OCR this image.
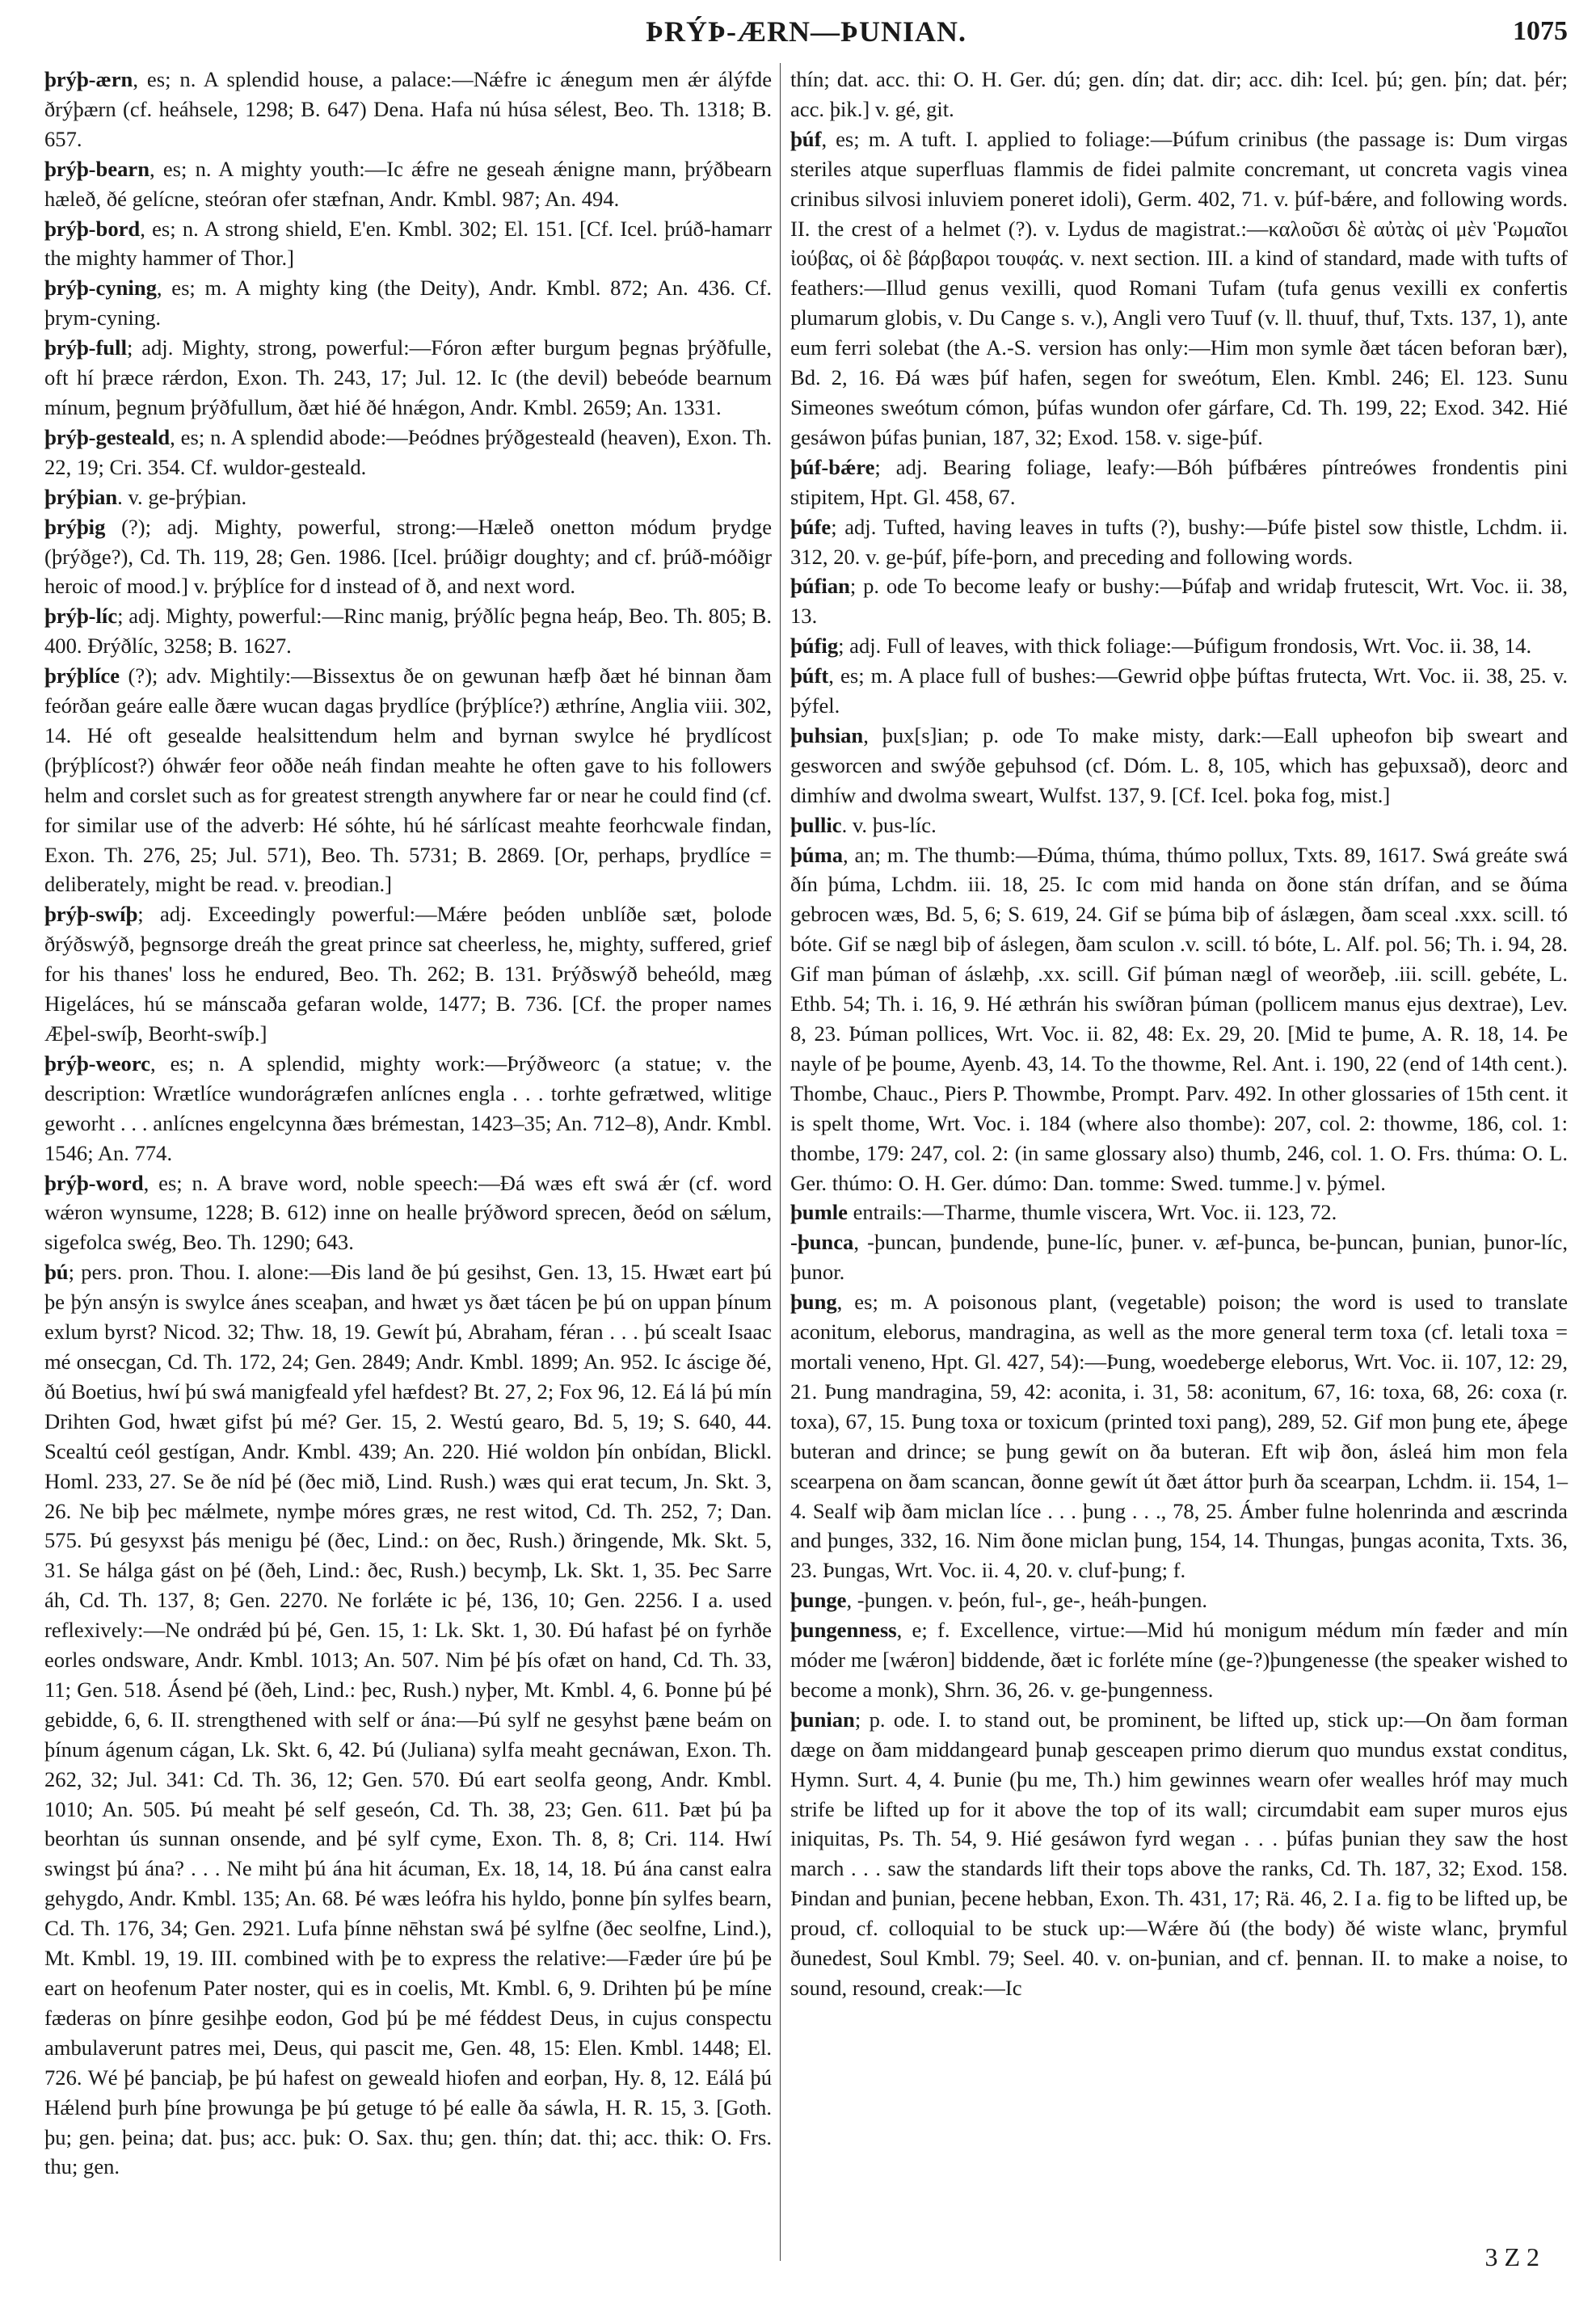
ÞRÝÞ-ÆRN—ÞUNIAN.	1075

þrýþ-ærn, es; n. A splendid house, a palace:—Nǽfre ic ǽnegum men ǽr álýfde ðrýþærn (cf. heáhsele, 1298; B. 647) Dena. Hafa nú húsa sélest, Beo. Th. 1318; B. 657.

þrýþ-bearn, es; n. A mighty youth:—Ic ǽfre ne geseah ǽnigne mann, þrýðbearn hæleð, ðé gelícne, steóran ofer stæfnan, Andr. Kmbl. 987; An. 494.

þrýþ-bord, es; n. A strong shield, E'en. Kmbl. 302; El. 151. [Cf. Icel. þrúð-hamarr the mighty hammer of Thor.]

þrýþ-cyning, es; m. A mighty king (the Deity), Andr. Kmbl. 872; An. 436. Cf. þrym-cyning.

þrýþ-full; adj. Mighty, strong, powerful:—Fóron æfter burgum þegnas þrýðfulle, oft hí þræce rǽrdon, Exon. Th. 243, 17; Jul. 12. Ic (the devil) bebeóde bearnum mínum, þegnum þrýðfullum, ðæt hié ðé hnǽgon, Andr. Kmbl. 2659; An. 1331.

þrýþ-gesteald, es; n. A splendid abode:—Þeódnes þrýðgesteald (heaven), Exon. Th. 22, 19; Cri. 354. Cf. wuldor-gesteald.

þrýþian. v. ge-þrýþian.

þrýþig (?); adj. Mighty, powerful, strong:—Hæleð onetton módum þrydge (þrýðge?), Cd. Th. 119, 28; Gen. 1986. [Icel. þrúðigr doughty; and cf. þrúð-móðigr heroic of mood.] v. þrýþlíce for d instead of ð, and next word.

þrýþ-líc; adj. Mighty, powerful:—Rinc manig, þrýðlíc þegna heáp, Beo. Th. 805; B. 400. Ðrýðlíc, 3258; B. 1627.

þrýþlíce (?); adv. Mightily:—Bissextus ðe on gewunan hæfþ ðæt hé binnan ðam feórðan geáre ealle ðære wucan dagas þrydlíce (þrýþlíce?) æthríne, Anglia viii. 302, 14. Hé oft gesealde healsittendum helm and byrnan swylce hé þrydlícost (þrýþlícost?) óhwǽr feor oððe neáh findan meahte he often gave to his followers helm and corslet such as for greatest strength anywhere far or near he could find (cf. for similar use of the adverb: Hé sóhte, hú hé sárlícast meahte feorhcwale findan, Exon. Th. 276, 25; Jul. 571), Beo. Th. 5731; B. 2869. [Or, perhaps, þrydlíce = deliberately, might be read. v. þreodian.]

þrýþ-swíþ; adj. Exceedingly powerful:—Mǽre þeóden unblíðe sæt, þolode ðrýðswýð, þegnsorge dreáh the great prince sat cheerless, he, mighty, suffered, grief for his thanes' loss he endured, Beo. Th. 262; B. 131. Þrýðswýð beheóld, mæg Higeláces, hú se mánscaða gefaran wolde, 1477; B. 736. [Cf. the proper names Æþel-swíþ, Beorht-swíþ.]

þrýþ-weorc, es; n. A splendid, mighty work:—Þrýðweorc (a statue; v. the description: Wrætlíce wundorágræfen anlícnes engla . . . torhte gefrætwed, wlitige geworht . . . anlícnes engelcynna ðæs brémestan, 1423–35; An. 712–8), Andr. Kmbl. 1546; An. 774.

þrýþ-word, es; n. A brave word, noble speech:—Ðá wæs eft swá ǽr (cf. word wǽron wynsume, 1228; B. 612) inne on healle þrýðword sprecen, ðeód on sǽlum, sigefolca swég, Beo. Th. 1290; 643.

þú; pers. pron. Thou. I. alone:—Ðis land ðe þú gesihst, Gen. 13, 15. Hwæt eart þú þe þýn ansýn is swylce ánes sceaþan, and hwæt ys ðæt tácen þe þú on uppan þínum exlum byrst? Nicod. 32; Thw. 18, 19. Gewít þú, Abraham, féran . . . þú scealt Isaac mé onsecgan, Cd. Th. 172, 24; Gen. 2849; Andr. Kmbl. 1899; An. 952. Ic áscige ðé, ðú Boetius, hwí þú swá manigfeald yfel hæfdest? Bt. 27, 2; Fox 96, 12. Eá lá þú mín Drihten God, hwæt gifst þú mé? Ger. 15, 2. Westú gearo, Bd. 5, 19; S. 640, 44. Scealtú ceól gestígan, Andr. Kmbl. 439; An. 220. Hié woldon þín onbídan, Blickl. Homl. 233, 27. Se ðe níd þé (ðec mið, Lind. Rush.) wæs qui erat tecum, Jn. Skt. 3, 26. Ne biþ þec mǽlmete, nymþe móres græs, ne rest witod, Cd. Th. 252, 7; Dan. 575. Þú gesyxst þás menigu þé (ðec, Lind.: on ðec, Rush.) ðringende, Mk. Skt. 5, 31. Se hálga gást on þé (ðeh, Lind.: ðec, Rush.) becymþ, Lk. Skt. 1, 35. Þec Sarre áh, Cd. Th. 137, 8; Gen. 2270. Ne forlǽte ic þé, 136, 10; Gen. 2256. I a. used reflexively:—Ne ondrǽd þú þé, Gen. 15, 1: Lk. Skt. 1, 30. Ðú hafast þé on fyrhðe eorles ondsware, Andr. Kmbl. 1013; An. 507. Nim þé þís ofæt on hand, Cd. Th. 33, 11; Gen. 518. Ásend þé (ðeh, Lind.: þec, Rush.) nyþer, Mt. Kmbl. 4, 6. Þonne þú þé gebidde, 6, 6. II. strengthened with self or ána:—Þú sylf ne gesyhst þæne beám on þínum ágenum cágan, Lk. Skt. 6, 42. Þú (Juliana) sylfa meaht gecnáwan, Exon. Th. 262, 32; Jul. 341: Cd. Th. 36, 12; Gen. 570. Ðú eart seolfa geong, Andr. Kmbl. 1010; An. 505. Þú meaht þé self geseón, Cd. Th. 38, 23; Gen. 611. Þæt þú þa beorhtan ús sunnan onsende, and þé sylf cyme, Exon. Th. 8, 8; Cri. 114. Hwí swingst þú ána? . . . Ne miht þú ána hit ácuman, Ex. 18, 14, 18. Þú ána canst ealra gehygdo, Andr. Kmbl. 135; An. 68. Þé wæs leófra his hyldo, þonne þín sylfes bearn, Cd. Th. 176, 34; Gen. 2921. Lufa þínne nēhstan swá þé sylfne (ðec seolfne, Lind.), Mt. Kmbl. 19, 19. III. combined with þe to express the relative:—Fæder úre þú þe eart on heofenum Pater noster, qui es in coelis, Mt. Kmbl. 6, 9. Drihten þú þe míne fæderas on þínre gesihþe eodon, God þú þe mé féddest Deus, in cujus conspectu ambulaverunt patres mei, Deus, qui pascit me, Gen. 48, 15: Elen. Kmbl. 1448; El. 726. Wé þé þanciaþ, þe þú hafest on geweald hiofen and eorþan, Hy. 8, 12. Eálá þú Hǽlend þurh þíne þrowunga þe þú getuge tó þé ealle ða sáwla, H. R. 15, 3. [Goth. þu; gen. þeina; dat. þus; acc. þuk: O. Sax. thu; gen. thín; dat. thi; acc. thik: O. Frs. thu; gen.

thín; dat. acc. thi: O. H. Ger. dú; gen. dín; dat. dir; acc. dih: Icel. þú; gen. þín; dat. þér; acc. þik.] v. gé, git.

þúf, es; m. A tuft. I. applied to foliage:—Þúfum crinibus (the passage is: Dum virgas steriles atque superfluas flammis de fidei palmite concremant, ut concreta vagis vinea crinibus silvosi inluviem poneret idoli), Germ. 402, 71. v. þúf-bǽre, and following words. II. the crest of a helmet (?). v. Lydus de magistrat.:—καλοῦσι δὲ αὐτὰς οἱ μὲν Ῥωμαῖοι ἰούβας, οἱ δὲ βάρβαροι τουφάς. v. next section. III. a kind of standard, made with tufts of feathers:—Illud genus vexilli, quod Romani Tufam (tufa genus vexilli ex confertis plumarum globis, v. Du Cange s. v.), Angli vero Tuuf (v. ll. thuuf, thuf, Txts. 137, 1), ante eum ferri solebat (the A.-S. version has only:—Him mon symle ðæt tácen beforan bær), Bd. 2, 16. Ðá wæs þúf hafen, segen for sweótum, Elen. Kmbl. 246; El. 123. Sunu Simeones sweótum cómon, þúfas wundon ofer gárfare, Cd. Th. 199, 22; Exod. 342. Hié gesáwon þúfas þunian, 187, 32; Exod. 158. v. sige-þúf.

þúf-bǽre; adj. Bearing foliage, leafy:—Bóh þúfbǽres píntreówes frondentis pini stipitem, Hpt. Gl. 458, 67.

þúfe; adj. Tufted, having leaves in tufts (?), bushy:—Þúfe þistel sow thistle, Lchdm. ii. 312, 20. v. ge-þúf, þífe-þorn, and preceding and following words.

þúfian; p. ode To become leafy or bushy:—Þúfaþ and wridaþ frutescit, Wrt. Voc. ii. 38, 13.

þúfig; adj. Full of leaves, with thick foliage:—Þúfigum frondosis, Wrt. Voc. ii. 38, 14.

þúft, es; m. A place full of bushes:—Gewrid oþþe þúftas frutecta, Wrt. Voc. ii. 38, 25. v. þýfel.

þuhsian, þux[s]ian; p. ode To make misty, dark:—Eall upheofon biþ sweart and gesworcen and swýðe geþuhsod (cf. Dóm. L. 8, 105, which has geþuxsað), deorc and dimhíw and dwolma sweart, Wulfst. 137, 9. [Cf. Icel. þoka fog, mist.]

þullic. v. þus-líc.

þúma, an; m. The thumb:—Ðúma, thúma, thúmo pollux, Txts. 89, 1617. Swá greáte swá ðín þúma, Lchdm. iii. 18, 25. Ic com mid handa on ðone stán drífan, and se ðúma gebrocen wæs, Bd. 5, 6; S. 619, 24. Gif se þúma biþ of áslægen, ðam sceal .xxx. scill. tó bóte. Gif se nægl biþ of áslegen, ðam sculon .v. scill. tó bóte, L. Alf. pol. 56; Th. i. 94, 28. Gif man þúman of áslæhþ, .xx. scill. Gif þúman nægl of weorðeþ, .iii. scill. gebéte, L. Ethb. 54; Th. i. 16, 9. Hé æthrán his swíðran þúman (pollicem manus ejus dextrae), Lev. 8, 23. Þúman pollices, Wrt. Voc. ii. 82, 48: Ex. 29, 20. [Mid te þume, A. R. 18, 14. Þe nayle of þe þoume, Ayenb. 43, 14. To the thowme, Rel. Ant. i. 190, 22 (end of 14th cent.). Thombe, Chauc., Piers P. Thowmbe, Prompt. Parv. 492. In other glossaries of 15th cent. it is spelt thome, Wrt. Voc. i. 184 (where also thombe): 207, col. 2: thowme, 186, col. 1: thombe, 179: 247, col. 2: (in same glossary also) thumb, 246, col. 1. O. Frs. thúma: O. L. Ger. thúmo: O. H. Ger. dúmo: Dan. tomme: Swed. tumme.] v. þýmel.

þumle entrails:—Tharme, thumle viscera, Wrt. Voc. ii. 123, 72.

-þunca, -þuncan, þundende, þune-líc, þuner. v. æf-þunca, be-þuncan, þunian, þunor-líc, þunor.

þung, es; m. A poisonous plant, (vegetable) poison; the word is used to translate aconitum, eleborus, mandragina, as well as the more general term toxa (cf. letali toxa = mortali veneno, Hpt. Gl. 427, 54):—Þung, woedeberge eleborus, Wrt. Voc. ii. 107, 12: 29, 21. Þung mandragina, 59, 42: aconita, i. 31, 58: aconitum, 67, 16: toxa, 68, 26: coxa (r. toxa), 67, 15. Þung toxa or toxicum (printed toxi pang), 289, 52. Gif mon þung ete, áþege buteran and drince; se þung gewít on ða buteran. Eft wiþ ðon, ásleá him mon fela scearpena on ðam scancan, ðonne gewít út ðæt áttor þurh ða scearpan, Lchdm. ii. 154, 1–4. Sealf wiþ ðam miclan líce . . . þung . . ., 78, 25. Ámber fulne holenrinda and æscrinda and þunges, 332, 16. Nim ðone miclan þung, 154, 14. Thungas, þungas aconita, Txts. 36, 23. Þungas, Wrt. Voc. ii. 4, 20. v. cluf-þung; f.

þunge, -þungen. v. þeón, ful-, ge-, heáh-þungen.

þungenness, e; f. Excellence, virtue:—Mid hú monigum médum mín fæder and mín móder me [wǽron] biddende, ðæt ic forléte míne (ge-?)þungenesse (the speaker wished to become a monk), Shrn. 36, 26. v. ge-þungenness.

þunian; p. ode. I. to stand out, be prominent, be lifted up, stick up:—On ðam forman dæge on ðam middangeard þunaþ gesceapen primo dierum quo mundus exstat conditus, Hymn. Surt. 4, 4. Þunie (þu me, Th.) him gewinnes wearn ofer wealles hróf may much strife be lifted up for it above the top of its wall; circumdabit eam super muros ejus iniquitas, Ps. Th. 54, 9. Hié gesáwon fyrd wegan . . . þúfas þunian they saw the host march . . . saw the standards lift their tops above the ranks, Cd. Th. 187, 32; Exod. 158. Þindan and þunian, þecene hebban, Exon. Th. 431, 17; Rä. 46, 2. I a. fig to be lifted up, be proud, cf. colloquial to be stuck up:—Wǽre ðú (the body) ðé wiste wlanc, þrymful ðunedest, Soul Kmbl. 79; Seel. 40. v. on-þunian, and cf. þennan. II. to make a noise, to sound, resound, creak:—Ic

3 Z 2
